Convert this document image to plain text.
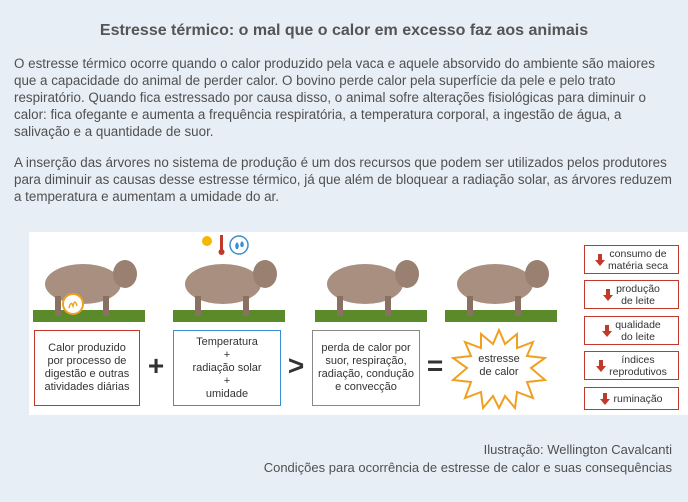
Estresse térmico: o mal que o calor em excesso faz aos animais
O estresse térmico ocorre quando o calor produzido pela vaca e aquele absorvido do ambiente são maiores que a capacidade do animal de perder calor. O bovino perde calor pela superfície da pele e pelo trato respiratório. Quando fica estressado por causa disso, o animal sofre alterações fisiológicas para diminuir o calor: fica ofegante e aumenta a frequência respiratória, a temperatura corporal, a ingestão de água, a salivação e a quantidade de suor.
A inserção das árvores no sistema de produção é um dos recursos que podem ser utilizados pelos produtores para diminuir as causas desse estresse térmico, já que além de bloquear a radiação solar, as árvores reduzem a temperatura e aumentam a umidade do ar.
Calor produzido
por processo de
digestão e outras
atividades diárias
+
Temperatura
+
radiação solar
+
umidade
>
perda de calor por
suor, respiração,
radiação, condução
e convecção
=	estresse
de calor
consumo de
matéria seca
produção
de leite
qualidade
do leite
índices
reprodutivos
ruminação
Ilustração: Wellington Cavalcanti
Condições para ocorrência de estresse de calor e suas consequências
